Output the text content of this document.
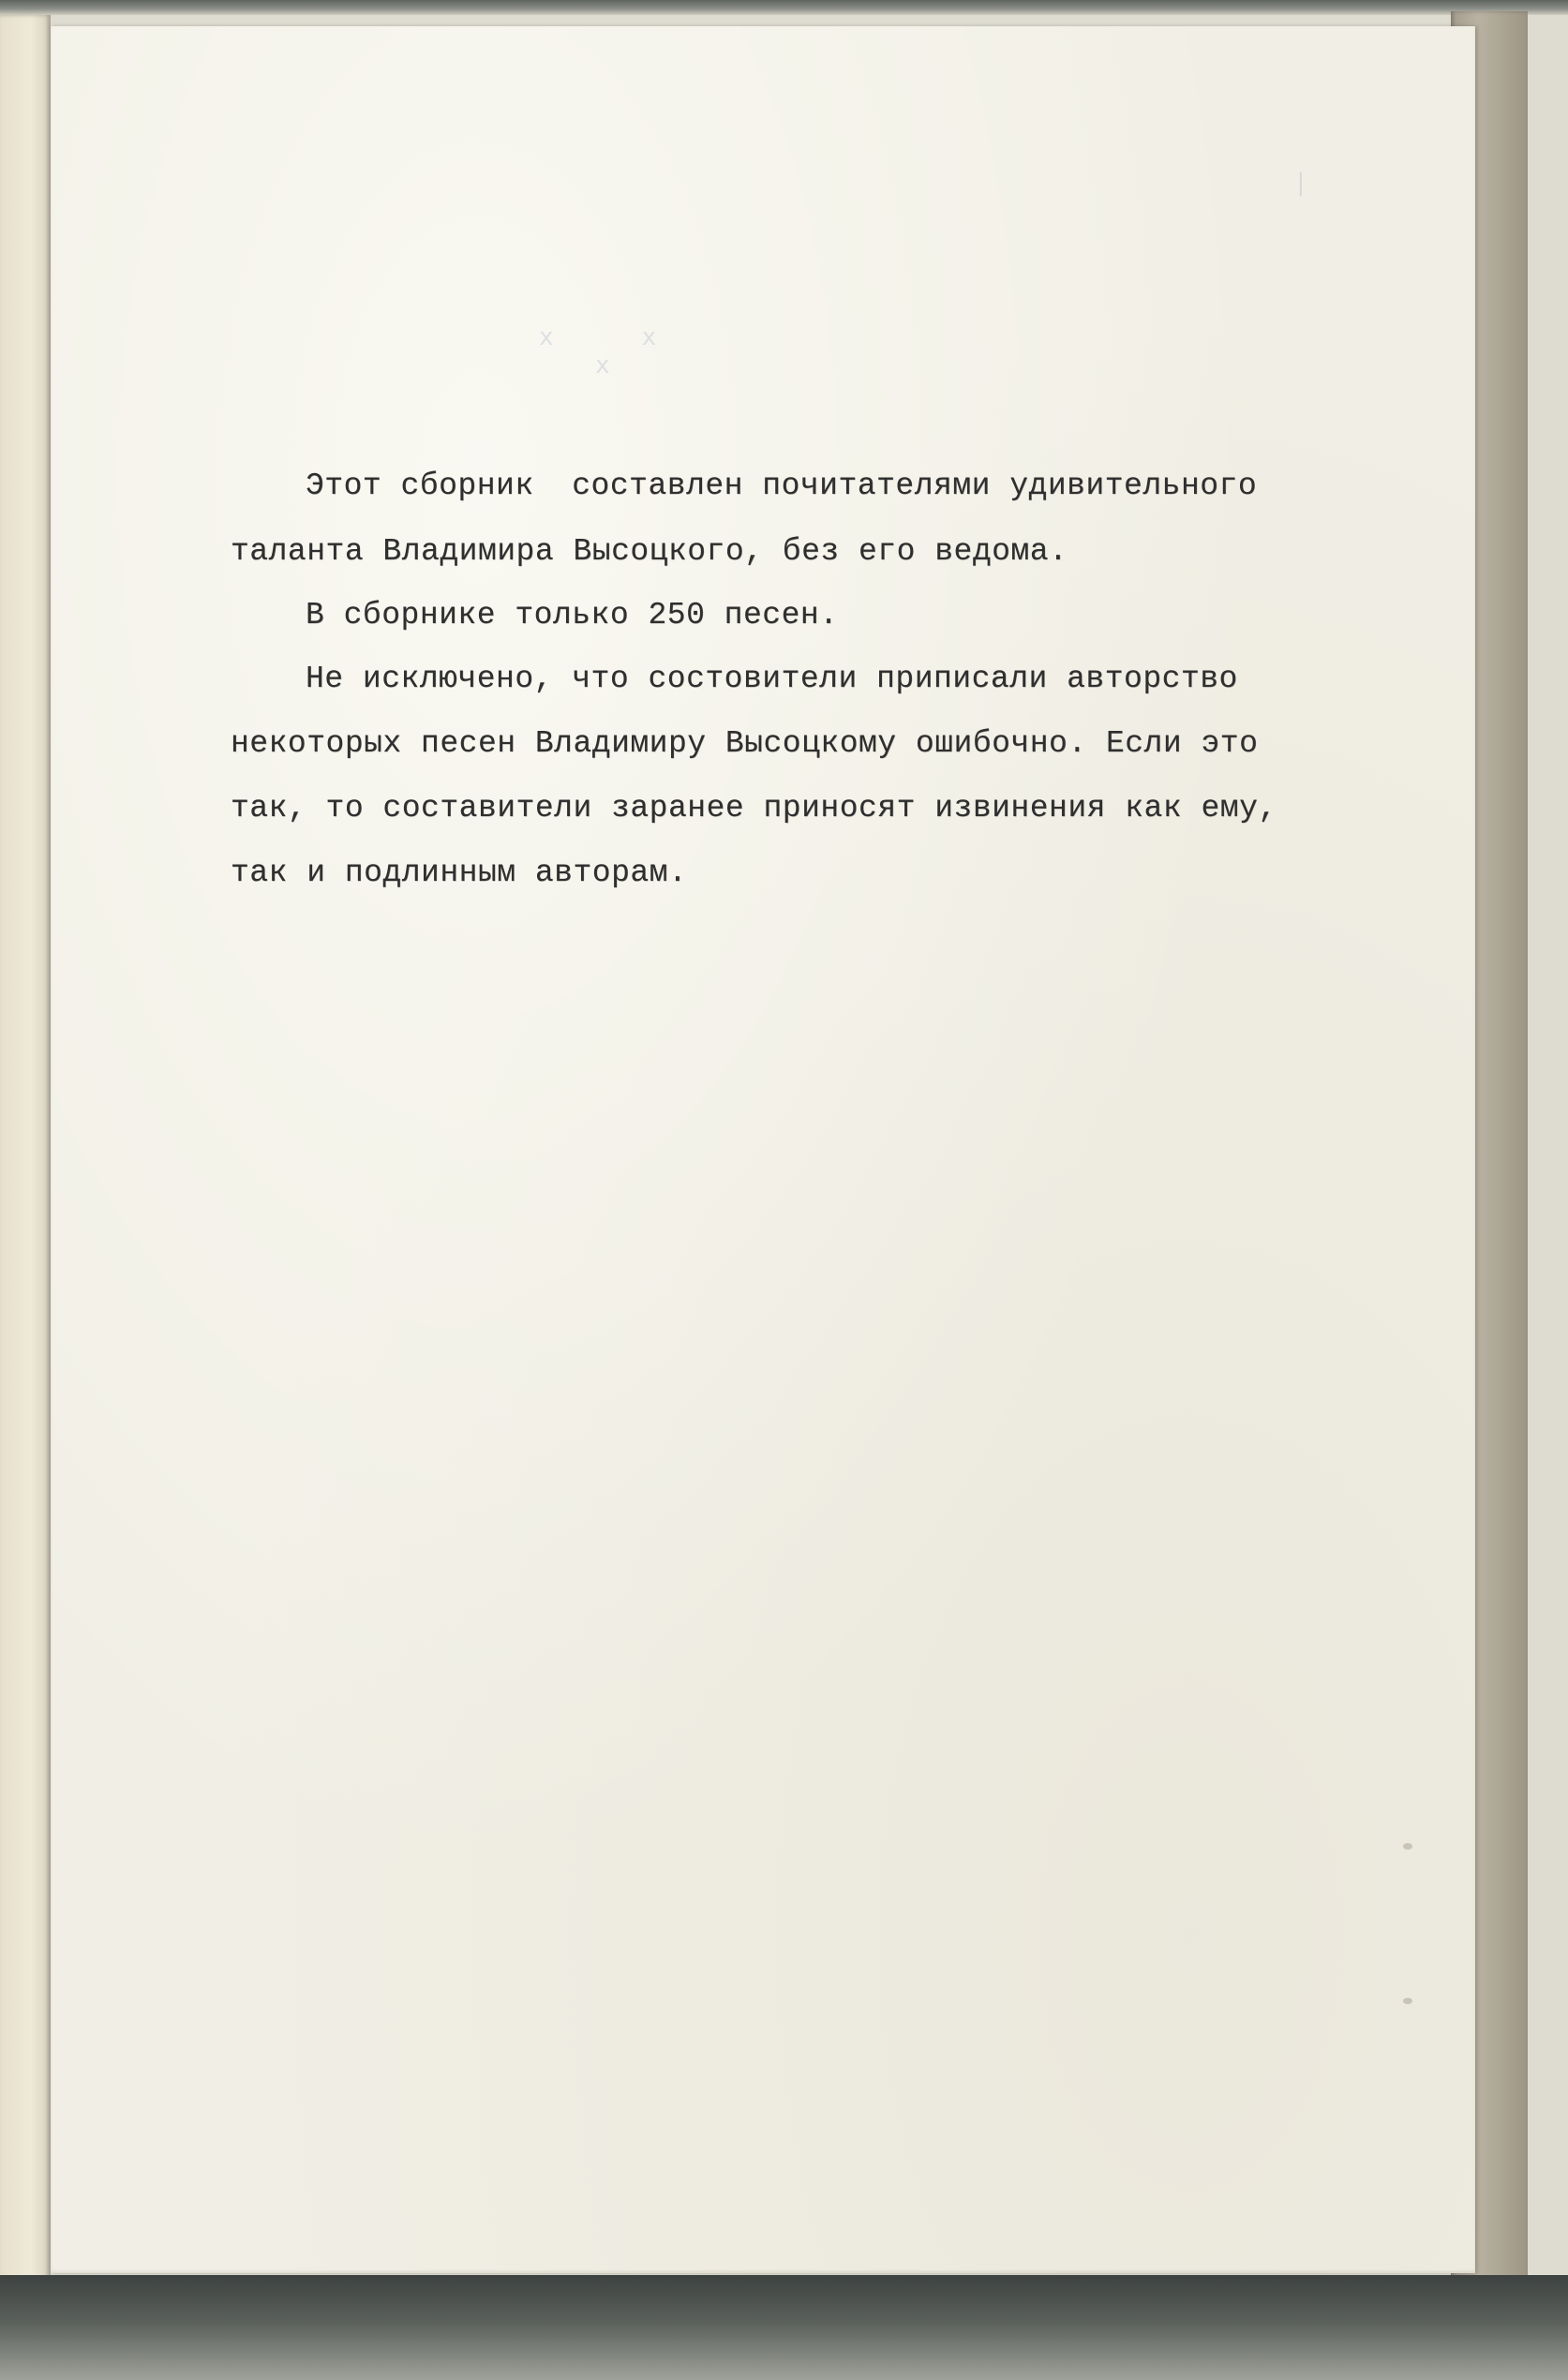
x      x
x
|
Этот сборник  составлен почитателями удивительного
таланта Владимира Высоцкого, без его ведома.
В сборнике только 250 песен.
Не исключено, что состовители приписали авторство
некоторых песен Владимиру Высоцкому ошибочно. Если это
так, то составители заранее приносят извинения как ему,
так и подлинным авторам.
